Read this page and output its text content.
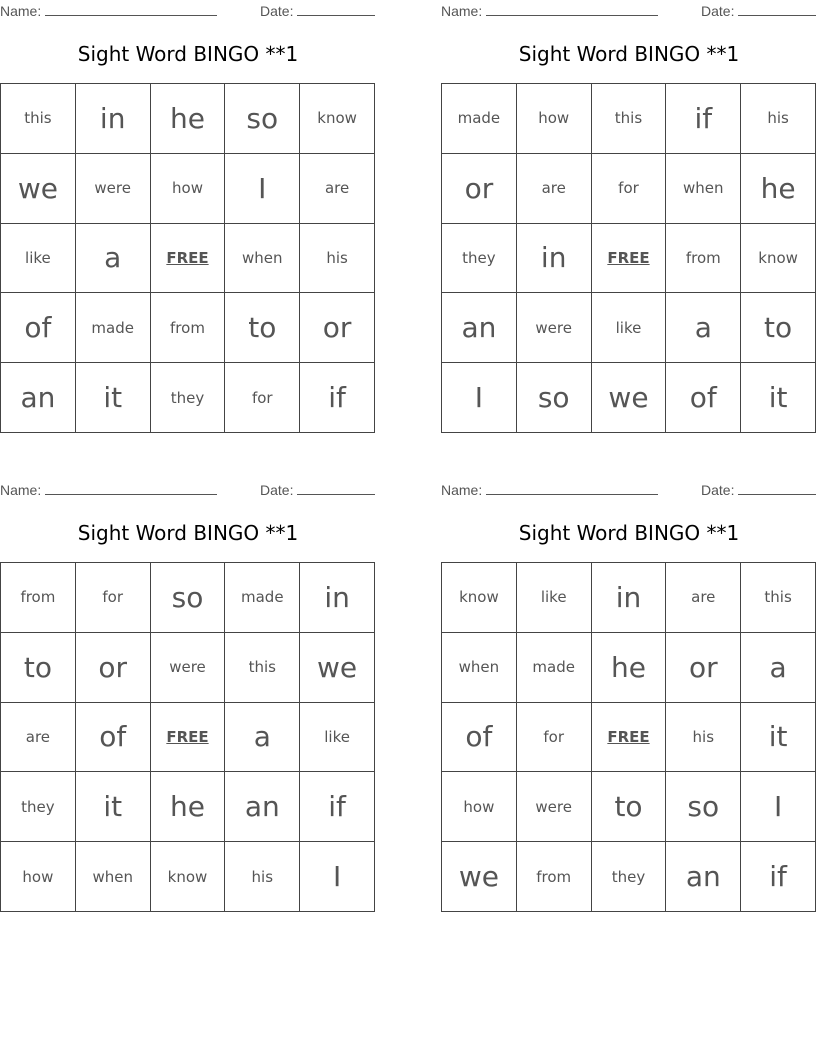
Name:	Date:
Sight Word BINGO **1
this	in	he	so	know
we	were	how	I	are
like	a	FREE	when	his
of	made	from	to	or
an	it	they	for	if
Name:	Date:
Sight Word BINGO **1
made	how	this	if	his
or	are	for	when	he
they	in	FREE	from	know
an	were	like	a	to
I	so	we	of	it
Name:	Date:
Sight Word BINGO **1
from	for	so	made	in
to	or	were	this	we
are	of	FREE	a	like
they	it	he	an	if
how	when	know	his	I
Name:	Date:
Sight Word BINGO **1
know	like	in	are	this
when	made	he	or	a
of	for	FREE	his	it
how	were	to	so	I
we	from	they	an	if
